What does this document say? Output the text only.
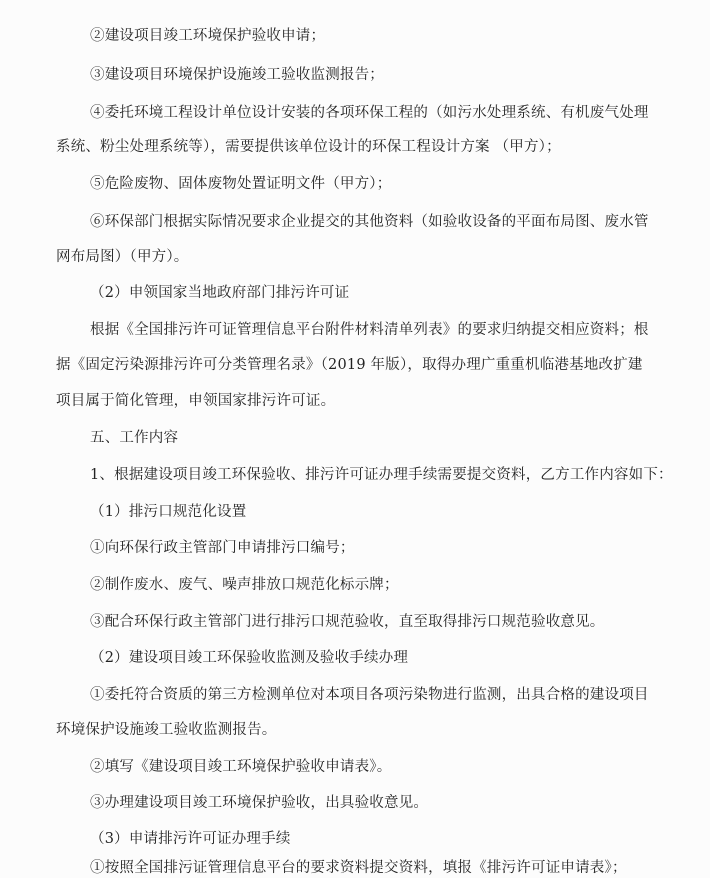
②建设项目竣工环境保护验收申请；
③建设项目环境保护设施竣工验收监测报告；
④委托环境工程设计单位设计安装的各项环保工程的（如污水处理系统、有机废气处理
系统、粉尘处理系统等），需要提供该单位设计的环保工程设计方案 （甲方）；
⑤危险废物、固体废物处置证明文件（甲方）；
⑥环保部门根据实际情况要求企业提交的其他资料（如验收设备的平面布局图、废水管
网布局图）（甲方）。
（2）申领国家当地政府部门排污许可证
根据《全国排污许可证管理信息平台附件材料清单列表》的要求归纳提交相应资料；根
据《固定污染源排污许可分类管理名录》（2019 年版），取得办理广重重机临港基地改扩建
项目属于简化管理，申领国家排污许可证。
五、工作内容
1、根据建设项目竣工环保验收、排污许可证办理手续需要提交资料，乙方工作内容如下：
（1）排污口规范化设置
①向环保行政主管部门申请排污口编号；
②制作废水、废气、噪声排放口规范化标示牌；
③配合环保行政主管部门进行排污口规范验收，直至取得排污口规范验收意见。
（2）建设项目竣工环保验收监测及验收手续办理
①委托符合资质的第三方检测单位对本项目各项污染物进行监测，出具合格的建设项目
环境保护设施竣工验收监测报告。
②填写《建设项目竣工环境保护验收申请表》。
③办理建设项目竣工环境保护验收，出具验收意见。
（3）申请排污许可证办理手续
①按照全国排污证管理信息平台的要求资料提交资料，填报《排污许可证申请表》；
